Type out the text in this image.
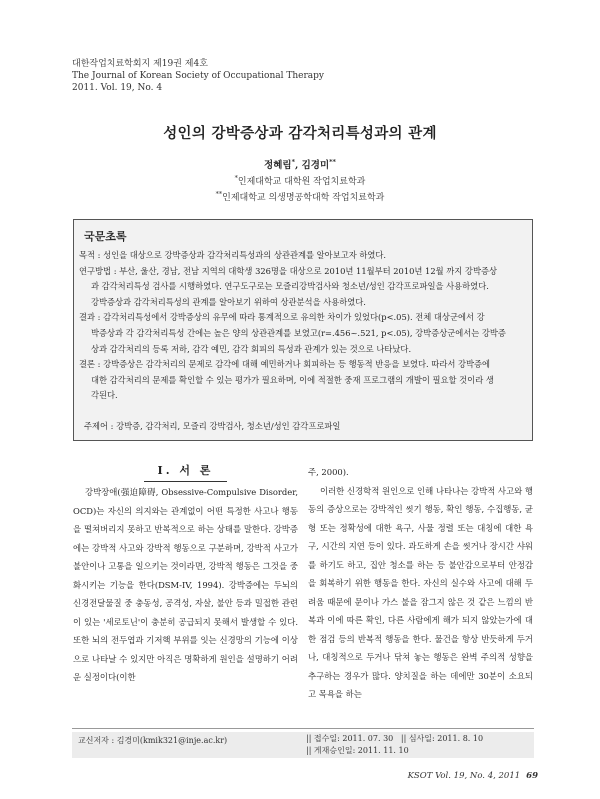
대한작업치료학회지 제19권 제4호
The Journal of Korean Society of Occupational Therapy
2011. Vol. 19, No. 4
성인의 강박증상과 감각처리특성과의 관계
정혜림*, 김경미**
*인제대학교 대학원 작업치료학과
**인제대학교 의생명공학대학 작업치료학과
국문초록
목적 : 성인을 대상으로 강박증상과 감각처리특성과의 상관관계를 알아보고자 하였다.
연구방법 : 부산, 울산, 경남, 전남 지역의 대학생 326명을 대상으로 2010년 11월부터 2010년 12월 까지 강박증상
과 감각처리특성 검사를 시행하였다. 연구도구로는 모즐리강박검사와 청소년/성인 감각프로파일을 사용하였다.
강박증상과 감각처리특성의 관계를 알아보기 위하여 상관분석을 사용하였다.
결과 : 감각처리특성에서 강박증상의 유무에 따라 통계적으로 유의한 차이가 있었다(p<.05). 전체 대상군에서 강
박증상과 각 감각처리특성 간에는 높은 양의 상관관계를 보였고(r=.456~.521, p<.05), 강박증상군에서는 강박증
상과 감각처리의 등록 저하, 감각 예민, 감각 회피의 특성과 관계가 있는 것으로 나타났다.
결론 : 강박증상은 감각처리의 문제로 감각에 대해 예민하거나 회피하는 등 행동적 반응을 보였다. 따라서 강박증에
대한 감각처리의 문제를 확인할 수 있는 평가가 필요하며, 이에 적절한 중재 프로그램의 개발이 필요할 것이라 생
각된다.
주제어 : 강박증, 감각처리, 모즐리 강박검사, 청소년/성인 감각프로파일
I. 서 론

강박장애(强迫障碍, Obsessive-Compulsive Disorder, OCD)는 자신의 의지와는 관계없이 어떤 특정한 사고나 행동을 떨쳐버리지 못하고 반복적으로 하는 상태를 말한다. 강박증에는 강박적 사고와 강박적 행동으로 구분하며, 강박적 사고가 불안이나 고통을 일으키는 것이라면, 강박적 행동은 그것을 중화시키는 기능을 한다(DSM-IV, 1994). 강박증에는 두뇌의 신경전달물질 중 충동성, 공격성, 자살, 불안 등과 밀접한 관련이 있는 '세로토닌'이 충분히 공급되지 못해서 발생할 수 있다. 또한 뇌의 전두엽과 기저핵 부위를 잇는 신경망의 기능에 이상으로 나타날 수 있지만 아직은 명확하게 원인을 설명하기 어려운 실정이다(이한

주, 2000).

이러한 신경학적 원인으로 인해 나타나는 강박적 사고와 행동의 증상으로는 강박적인 씻기 행동, 확인 행동, 수집행동, 균형 또는 정확성에 대한 욕구, 사물 정렬 또는 대칭에 대한 욕구, 시간의 지연 등이 있다. 과도하게 손을 씻거나 장시간 샤워를 하기도 하고, 집안 청소를 하는 등 불안감으로부터 안정감을 회복하기 위한 행동을 한다. 자신의 실수와 사고에 대해 두려움 때문에 문이나 가스 불을 잠그지 않은 것 같은 느낌의 반복과 이에 따른 확인, 다른 사람에게 해가 되지 않았는가에 대한 점검 등의 반복적 행동을 한다. 물건을 항상 반듯하게 두거나, 대칭적으로 두거나 닦쳐 놓는 행동은 완벽 주의적 성향을 추구하는 경우가 많다. 양치질을 하는 데에만 30분이 소요되고 목욕을 하는

교신저자 : 김경미(kmik321@inje.ac.kr)	|| 접수일: 2011. 07. 30 || 심사일: 2011. 8. 10
|| 게재승인일: 2011. 11. 10
KSOT Vol. 19, No. 4, 2011 69
